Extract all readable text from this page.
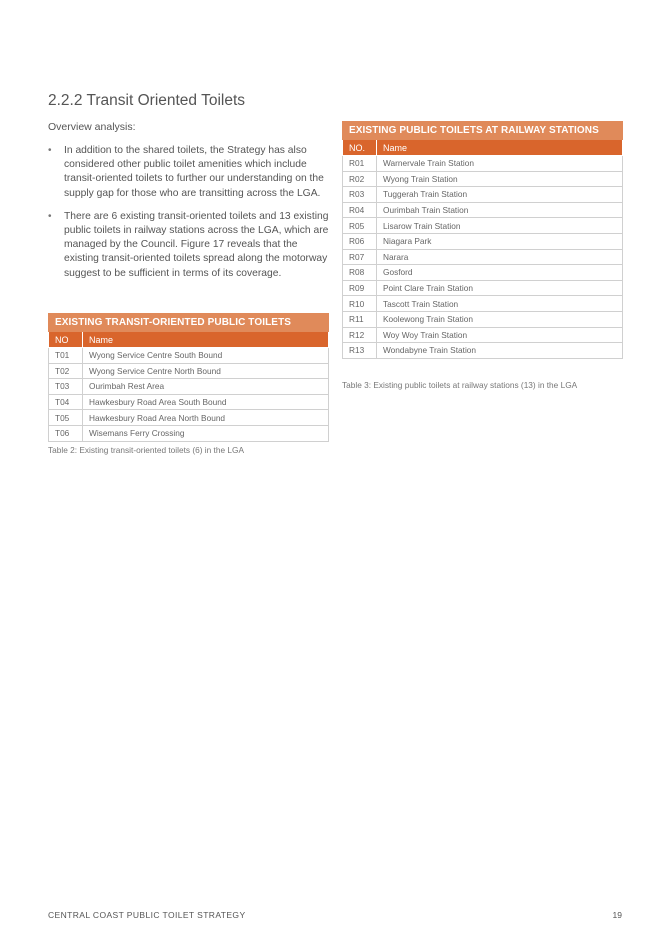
2.2.2 Transit Oriented Toilets

Overview analysis:

• In addition to the shared toilets, the Strategy has also considered other public toilet amenities which include transit-oriented toilets to further our understanding on the supply gap for those who are transitting across the LGA.
• There are 6 existing transit-oriented toilets and 13 existing public toilets in railway stations across the LGA, which are managed by the Council. Figure 17 reveals that the existing transit-oriented toilets spread along the motorway suggest to be sufficient in terms of its coverage.
EXISTING TRANSIT-ORIENTED PUBLIC TOILETS	
NO	Name
T01	Wyong Service Centre South Bound
T02	Wyong Service Centre North Bound
T03	Ourimbah Rest Area
T04	Hawkesbury Road Area South Bound
T05	Hawkesbury Road Area North Bound
T06	Wisemans Ferry Crossing

Table 2: Existing transit-oriented toilets (6) in the LGA

EXISTING PUBLIC TOILETS AT RAILWAY STATIONS	
NO.	Name
R01	Warnervale Train Station
R02	Wyong Train Station
R03	Tuggerah Train Station
R04	Ourimbah Train Station
R05	Lisarow Train Station
R06	Niagara Park
R07	Narara
R08	Gosford
R09	Point Clare Train Station
R10	Tascott Train Station
R11	Koolewong Train Station
R12	Woy Woy Train Station
R13	Wondabyne Train Station

Table 3: Existing public toilets at railway stations (13) in the LGA

CENTRAL COAST PUBLIC TOILET STRATEGY	19
